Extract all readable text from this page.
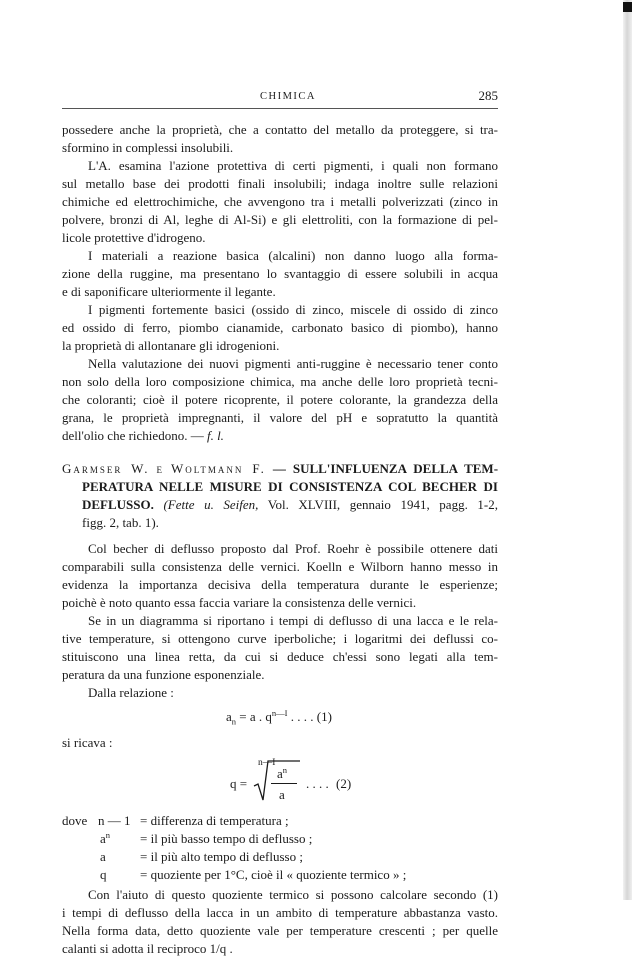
CHIMICA	285
possedere anche la proprietà, che a contatto del metallo da proteggere, si tra-
sformino in complessi insolubili.
L'A. esamina l'azione protettiva di certi pigmenti, i quali non formano
sul metallo base dei prodotti finali insolubili; indaga inoltre sulle relazioni
chimiche ed elettrochimiche, che avvengono tra i metalli polverizzati (zinco in
polvere, bronzi di Al, leghe di Al-Si) e gli elettroliti, con la formazione di pel-
licole protettive d'idrogeno.
I materiali a reazione basica (alcalini) non danno luogo alla forma-
zione della ruggine, ma presentano lo svantaggio di essere solubili in acqua
e di saponificare ulteriormente il legante.
I pigmenti fortemente basici (ossido di zinco, miscele di ossido di zinco
ed ossido di ferro, piombo cianamide, carbonato basico di piombo), hanno
la proprietà di allontanare gli idrogenioni.
Nella valutazione dei nuovi pigmenti anti-ruggine è necessario tener conto
non solo della loro composizione chimica, ma anche delle loro proprietà tecni-
che coloranti; cioè il potere ricoprente, il potere colorante, la grandezza della
grana, le proprietà impregnanti, il valore del pH e sopratutto la quantità
dell'olio che richiedono. — f. l.
Garmser W. e Woltmann F. — SULL'INFLUENZA DELLA TEM-
PERATURA NELLE MISURE DI CONSISTENZA COL BECHER DI
DEFLUSSO. (Fette u. Seifen, Vol. XLVIII, gennaio 1941, pagg. 1-2,
figg. 2, tab. 1).
Col becher di deflusso proposto dal Prof. Roehr è possibile ottenere dati
comparabili sulla consistenza delle vernici. Koelln e Wilborn hanno messo in
evidenza la importanza decisiva della temperatura durante le esperienze;
poichè è noto quanto essa faccia variare la consistenza delle vernici.
Se in un diagramma si riportano i tempi di deflusso di una lacca e le rela-
tive temperature, si ottengono curve iperboliche; i logaritmi dei deflussi co-
stituiscono una linea retta, da cui si deduce ch'essi sono legati alla tem-
peratura da una funzione esponenziale.
Dalla relazione :
$a_n = a$ . $q^{n—I}$ . . . . (1)
si ricava :
n—I
q =
$a^n$
a
. . . . (2)
dove n — 1 = differenza di temperatura ;
$a^n$ = il più basso tempo di deflusso ;
a	= il più alto tempo di deflusso ;
q	= quoziente per 1°C, cioè il « quoziente termico » ;
Con l'aiuto di questo quoziente termico si possono calcolare secondo (1)
i tempi di deflusso della lacca in un ambito di temperature abbastanza vasto.
Nella forma data, detto quoziente vale per temperature crescenti ; per quelle
calanti si adotta il reciproco 1/q .
